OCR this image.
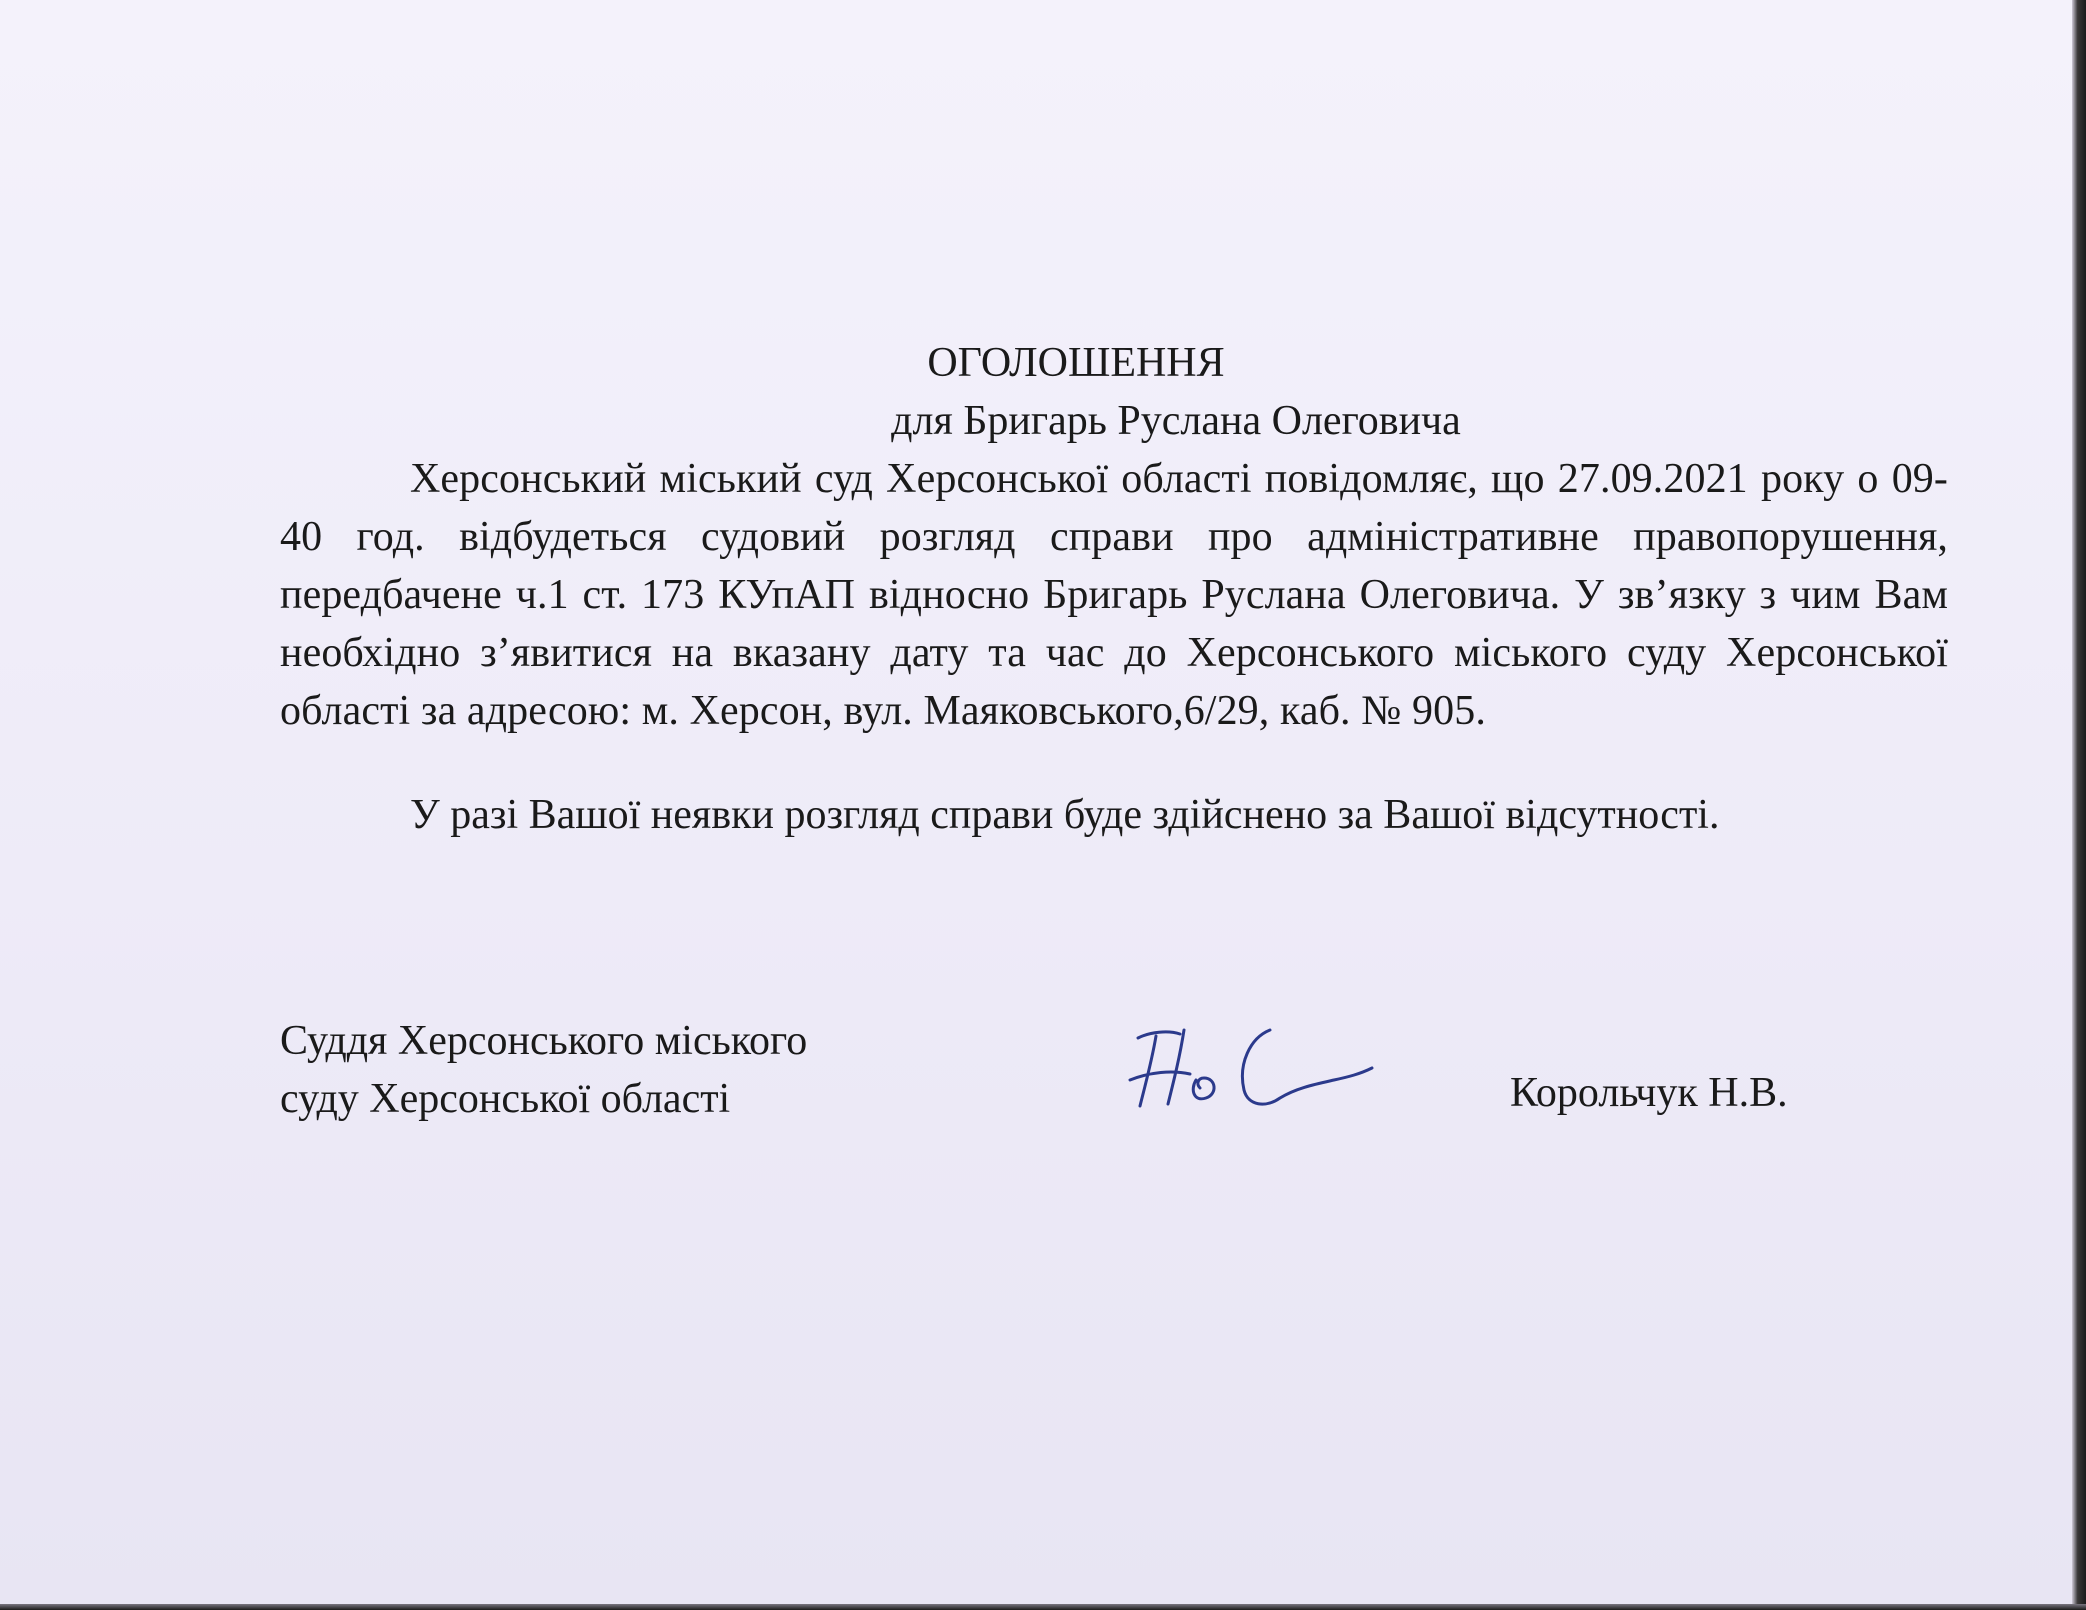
ОГОЛОШЕННЯ
для Бригарь Руслана Олеговича

Херсонський міський суд Херсонської області повідомляє, що 27.09.2021 року о 09-40 год. відбудеться судовий розгляд справи про адміністративне правопорушення, передбачене ч.1 ст. 173 КУпАП відносно Бригарь Руслана Олеговича. У зв’язку з чим Вам необхідно з’явитися на вказану дату та час до Херсонського міського суду Херсонської області за адресою: м. Херсон, вул. Маяковського,6/29, каб. № 905.

У разі Вашої неявки розгляд справи буде здійснено за Вашої відсутності.

Суддя Херсонського міського
суду Херсонської області	Корольчук Н.В.
